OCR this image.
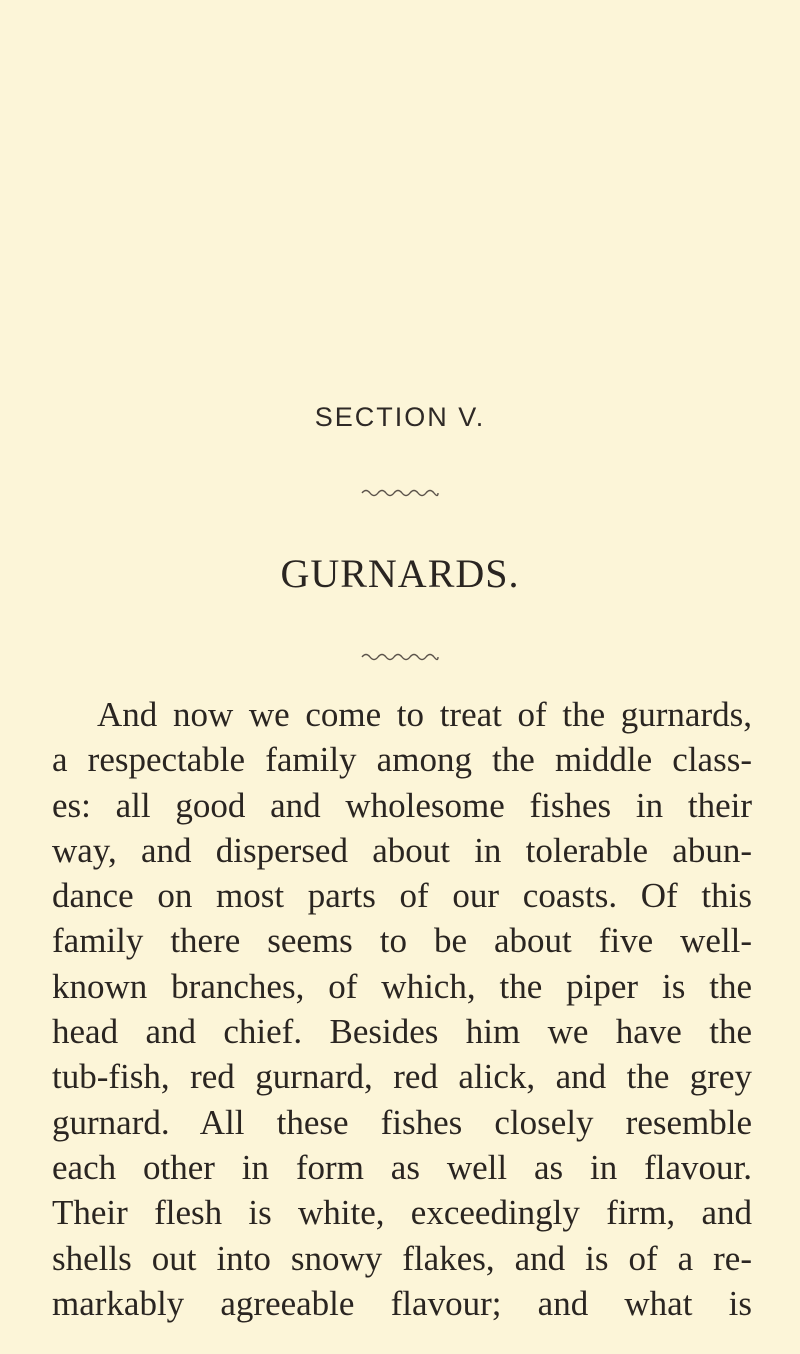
SECTION V.
GURNARDS.
And now we come to treat of the gurnards,
a respectable family among the middle class-
es: all good and wholesome fishes in their
way, and dispersed about in tolerable abun-
dance on most parts of our coasts. Of this
family there seems to be about five well-
known branches, of which, the piper is the
head and chief. Besides him we have the
tub-fish, red gurnard, red alick, and the grey
gurnard. All these fishes closely resemble
each other in form as well as in flavour.
Their flesh is white, exceedingly firm, and
shells out into snowy flakes, and is of a re-
markably agreeable flavour; and what is
